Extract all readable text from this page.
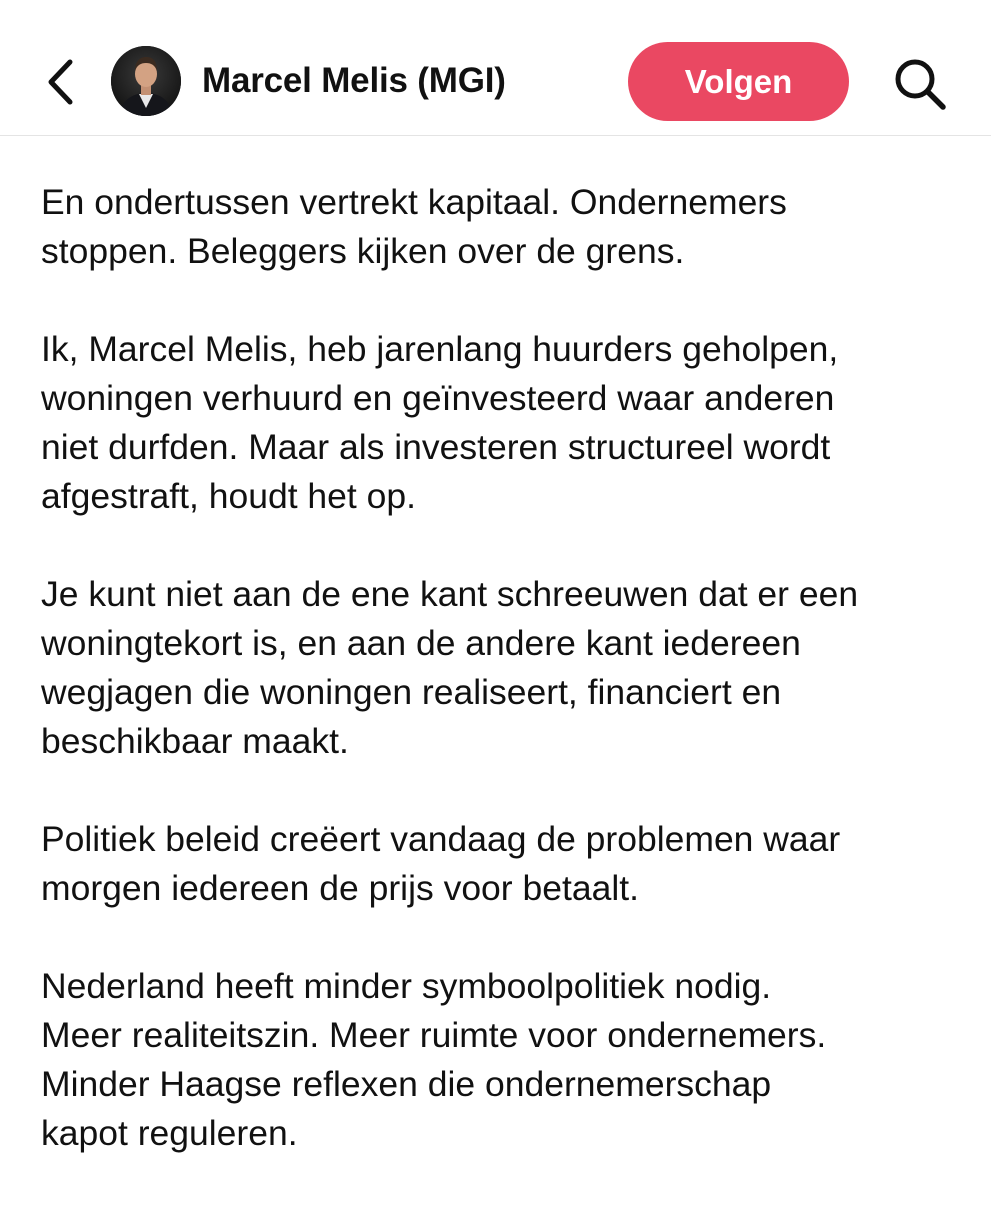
Marcel Melis (MGI)	Volgen

En ondertussen vertrekt kapitaal. Ondernemers
stoppen. Beleggers kijken over de grens.

Ik, Marcel Melis, heb jarenlang huurders geholpen,
woningen verhuurd en geïnvesteerd waar anderen
niet durfden. Maar als investeren structureel wordt
afgestraft, houdt het op.

Je kunt niet aan de ene kant schreeuwen dat er een
woningtekort is, en aan de andere kant iedereen
wegjagen die woningen realiseert, financiert en
beschikbaar maakt.

Politiek beleid creëert vandaag de problemen waar
morgen iedereen de prijs voor betaalt.

Nederland heeft minder symboolpolitiek nodig.
Meer realiteitszin. Meer ruimte voor ondernemers.
Minder Haagse reflexen die ondernemerschap
kapot reguleren.
